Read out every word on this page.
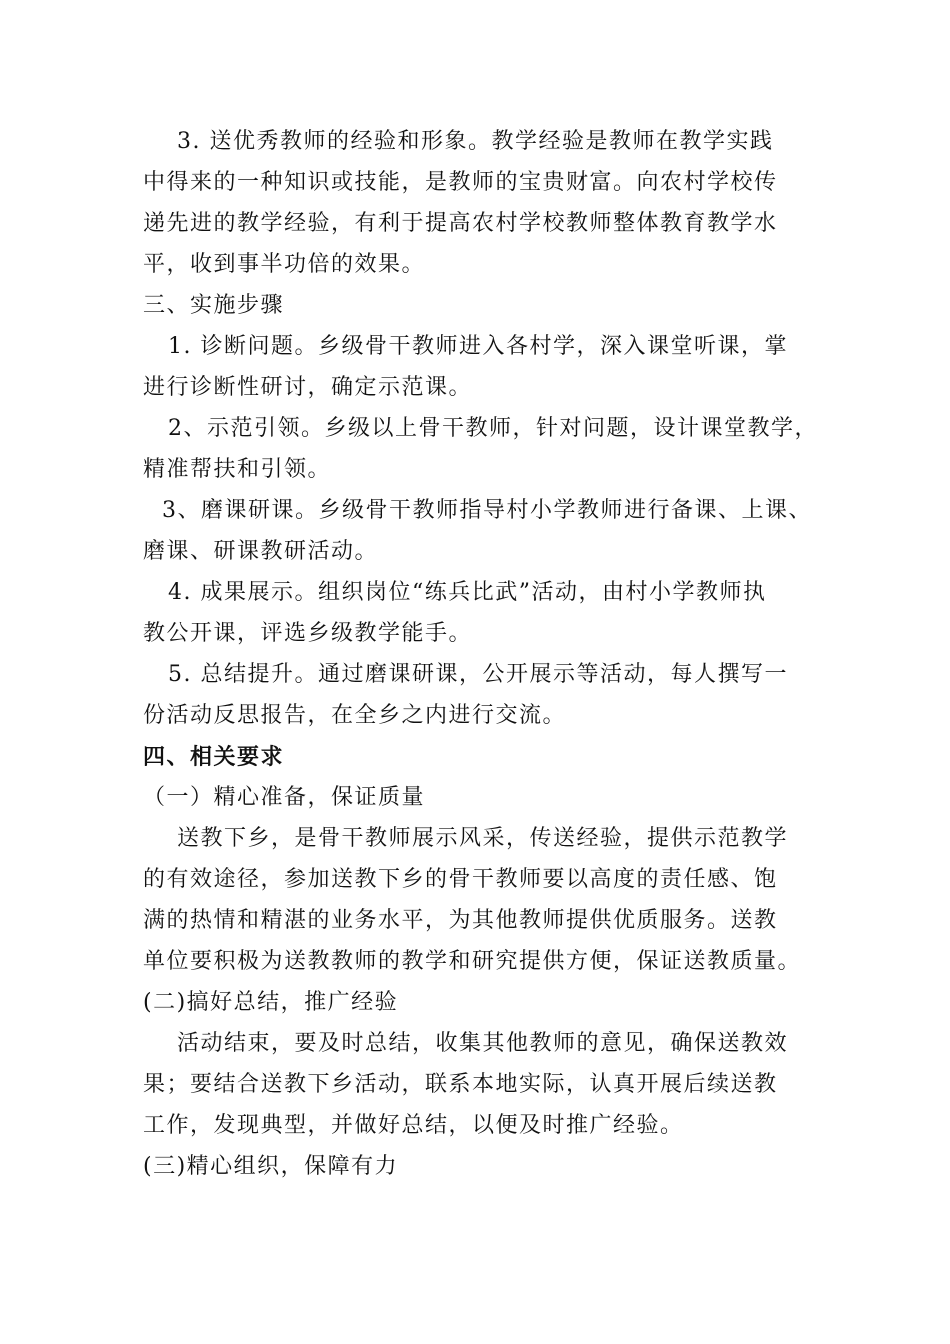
3. 送优秀教师的经验和形象。教学经验是教师在教学实践
中得来的一种知识或技能，是教师的宝贵财富。向农村学校传
递先进的教学经验，有利于提高农村学校教师整体教育教学水
平，收到事半功倍的效果。
三、实施步骤
1. 诊断问题。乡级骨干教师进入各村学，深入课堂听课，掌
进行诊断性研讨，确定示范课。
2、示范引领。乡级以上骨干教师，针对问题，设计课堂教学，
精准帮扶和引领。
3、磨课研课。乡级骨干教师指导村小学教师进行备课、上课、
磨课、研课教研活动。
4. 成果展示。组织岗位“练兵比武”活动，由村小学教师执
教公开课，评选乡级教学能手。
5. 总结提升。通过磨课研课，公开展示等活动，每人撰写一
份活动反思报告，在全乡之内进行交流。
四、相关要求
（一）精心准备，保证质量
送教下乡，是骨干教师展示风采，传送经验，提供示范教学
的有效途径，参加送教下乡的骨干教师要以高度的责任感、饱
满的热情和精湛的业务水平，为其他教师提供优质服务。送教
单位要积极为送教教师的教学和研究提供方便，保证送教质量。
(二)搞好总结，推广经验
活动结束，要及时总结，收集其他教师的意见，确保送教效
果；要结合送教下乡活动，联系本地实际，认真开展后续送教
工作，发现典型，并做好总结，以便及时推广经验。
(三)精心组织，保障有力
